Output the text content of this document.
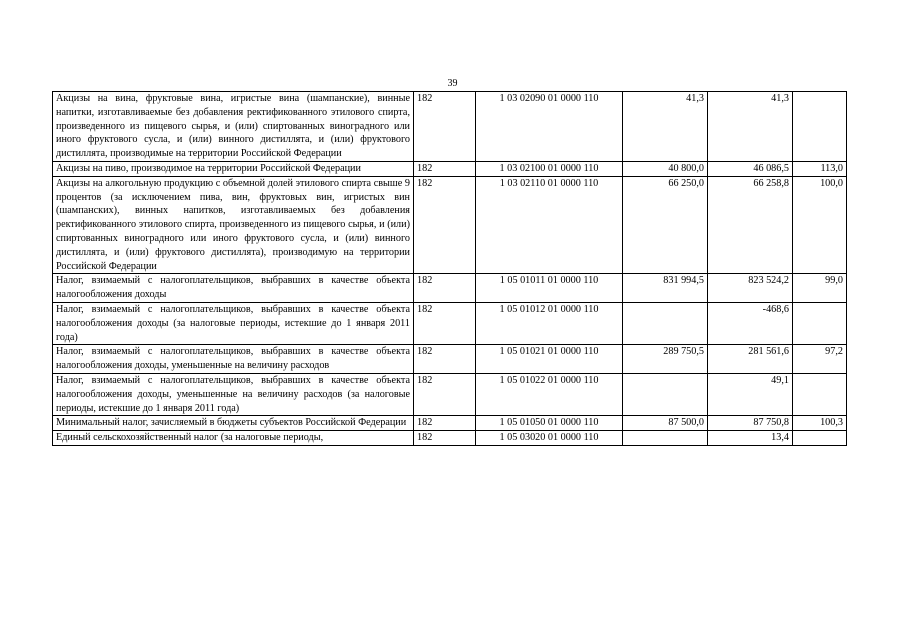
39
Акцизы на вина, фруктовые вина, игристые вина (шампанские), винные напитки, изготавливаемые без добавления ректификованного этилового спирта, произведенного из пищевого сырья, и (или) спиртованных виноградного или иного фруктового сусла, и (или) винного дистиллята, и (или) фруктового дистиллята, производимые на территории Российской Федерации	182	1 03 02090 01 0000 110	41,3	41,3	
Акцизы на пиво, производимое на территории Российской Федерации	182	1 03 02100 01 0000 110	40 800,0	46 086,5	113,0
Акцизы на алкогольную продукцию с объемной долей этилового спирта свыше 9 процентов (за исключением пива, вин, фруктовых вин, игристых вин (шампанских), винных напитков, изготавливаемых без добавления ректификованного этилового спирта, произведенного из пищевого сырья, и (или) спиртованных виноградного или иного фруктового сусла, и (или) винного дистиллята, и (или) фруктового дистиллята), производимую на территории Российской Федерации	182	1 03 02110 01 0000 110	66 250,0	66 258,8	100,0
Налог, взимаемый с налогоплательщиков, выбравших в качестве объекта налогообложения доходы	182	1 05 01011 01 0000 110	831 994,5	823 524,2	99,0
Налог, взимаемый с налогоплательщиков, выбравших в качестве объекта налогообложения доходы (за налоговые периоды, истекшие до 1 января 2011 года)	182	1 05 01012 01 0000 110		-468,6	
Налог, взимаемый с налогоплательщиков, выбравших в качестве объекта налогообложения доходы, уменьшенные на величину расходов	182	1 05 01021 01 0000 110	289 750,5	281 561,6	97,2
Налог, взимаемый с налогоплательщиков, выбравших в качестве объекта налогообложения доходы, уменьшенные на величину расходов (за налоговые периоды, истекшие до 1 января 2011 года)	182	1 05 01022 01 0000 110		49,1	
Минимальный налог, зачисляемый в бюджеты субъектов Российской Федерации	182	1 05 01050 01 0000 110	87 500,0	87 750,8	100,3
Единый сельскохозяйственный налог (за налоговые периоды,	182	1 05 03020 01 0000 110		13,4	
